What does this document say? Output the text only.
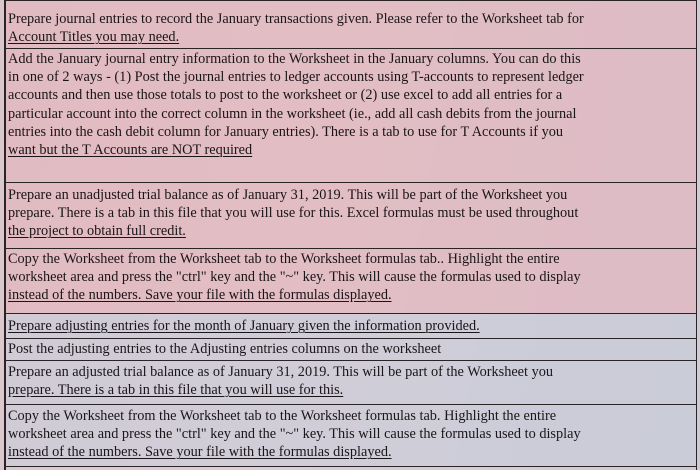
Prepare journal entries to record the January transactions given. Please refer to the Worksheet tab for
Account Titles you may need.
Add the January journal entry information to the Worksheet in the January columns. You can do this
in one of 2 ways - (1) Post the journal entries to ledger accounts using T-accounts to represent ledger
accounts and then use those totals to post to the worksheet or (2) use excel to add all entries for a
particular account into the correct column in the worksheet (ie., add all cash debits from the journal
entries into the cash debit column for January entries). There is a tab to use for T Accounts if you
want but the T Accounts are NOT required
Prepare an unadjusted trial balance as of January 31, 2019. This will be part of the Worksheet you
prepare. There is a tab in this file that you will use for this. Excel formulas must be used throughout
the project to obtain full credit.
Copy the Worksheet from the Worksheet tab to the Worksheet formulas tab.. Highlight the entire
worksheet area and press the "ctrl" key and the "~" key. This will cause the formulas used to display
instead of the numbers. Save your file with the formulas displayed.
Prepare adjusting entries for the month of January given the information provided.
Post the adjusting entries to the Adjusting entries columns on the worksheet
Prepare an adjusted trial balance as of January 31, 2019. This will be part of the Worksheet you
prepare. There is a tab in this file that you will use for this.
Copy the Worksheet from the Worksheet tab to the Worksheet formulas tab. Highlight the entire
worksheet area and press the "ctrl" key and the "~" key. This will cause the formulas used to display
instead of the numbers. Save your file with the formulas displayed.
